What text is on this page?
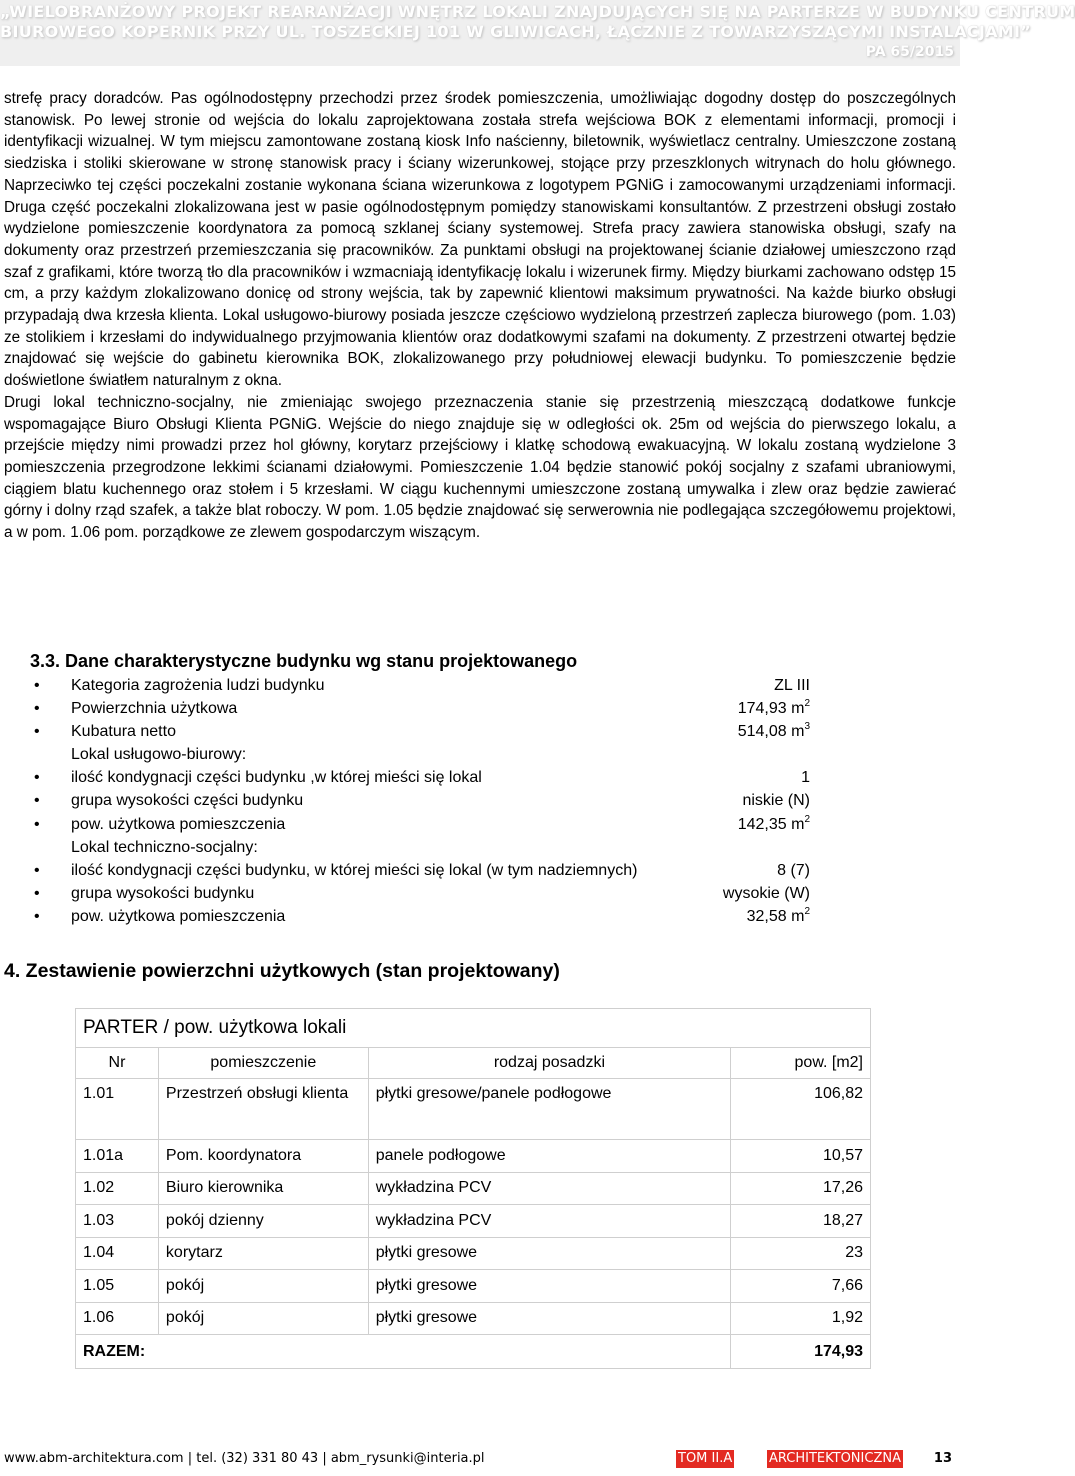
„WIELOBRANŻOWY PROJEKT REARANŻACJI WNĘTRZ LOKALI ZNAJDUJĄCYCH SIĘ NA PARTERZE W BUDYNKU CENTRUM
BIUROWEGO KOPERNIK PRZY UL. TOSZECKIEJ 101 W GLIWICACH, ŁĄCZNIE Z TOWARZYSZĄCYMI INSTALACJAMI”
PA 65/2015

strefę pracy doradców. Pas ogólnodostępny przechodzi przez środek pomieszczenia, umożliwiając dogodny dostęp do poszczególnych stanowisk. Po lewej stronie od wejścia do lokalu zaprojektowana została strefa wejściowa BOK z elementami informacji, promocji i identyfikacji wizualnej. W tym miejscu zamontowane zostaną kiosk Info naścienny, biletownik, wyświetlacz centralny. Umieszczone zostaną siedziska i stoliki skierowane w stronę stanowisk pracy i ściany wizerunkowej, stojące przy przeszklonych witrynach do holu głównego. Naprzeciwko tej części poczekalni zostanie wykonana ściana wizerunkowa z logotypem PGNiG i zamocowanymi urządzeniami informacji. Druga część poczekalni zlokalizowana jest w pasie ogólnodostępnym pomiędzy stanowiskami konsultantów. Z przestrzeni obsługi zostało wydzielone pomieszczenie koordynatora za pomocą szklanej ściany systemowej. Strefa pracy zawiera stanowiska obsługi, szafy na dokumenty oraz przestrzeń przemieszczania się pracowników. Za punktami obsługi na projektowanej ścianie działowej umieszczono rząd szaf z grafikami, które tworzą tło dla pracowników i wzmacniają identyfikację lokalu i wizerunek firmy. Między biurkami zachowano odstęp 15 cm, a przy każdym zlokalizowano donicę od strony wejścia, tak by zapewnić klientowi maksimum prywatności. Na każde biurko obsługi przypadają dwa krzesła klienta. Lokal usługowo-biurowy posiada jeszcze częściowo wydzieloną przestrzeń zaplecza biurowego (pom. 1.03) ze stolikiem i krzesłami do indywidualnego przyjmowania klientów oraz dodatkowymi szafami na dokumenty. Z przestrzeni otwartej będzie znajdować się wejście do gabinetu kierownika BOK, zlokalizowanego przy południowej elewacji budynku. To pomieszczenie będzie doświetlone światłem naturalnym z okna.

Drugi lokal techniczno-socjalny, nie zmieniając swojego przeznaczenia stanie się przestrzenią mieszczącą dodatkowe funkcje wspomagające Biuro Obsługi Klienta PGNiG. Wejście do niego znajduje się w odległości ok. 25m od wejścia do pierwszego lokalu, a przejście między nimi prowadzi przez hol główny, korytarz przejściowy i klatkę schodową ewakuacyjną. W lokalu zostaną wydzielone 3 pomieszczenia przegrodzone lekkimi ścianami działowymi. Pomieszczenie 1.04 będzie stanowić pokój socjalny z szafami ubraniowymi, ciągiem blatu kuchennego oraz stołem i 5 krzesłami. W ciągu kuchennymi umieszczone zostaną umywalka i zlew oraz będzie zawierać górny i dolny rząd szafek, a także blat roboczy. W pom. 1.05 będzie znajdować się serwerownia nie podlegająca szczegółowemu projektowi, a w pom. 1.06 pom. porządkowe ze zlewem gospodarczym wiszącym.

3.3. Dane charakterystyczne budynku wg stanu projektowanego
• Kategoria zagrożenia ludzi budynku	ZL III
• Powierzchnia użytkowa	174,93 $m^2$
• Kubatura netto	514,08 $m^3$
Lokal usługowo-biurowy:
• ilość kondygnacji części budynku ,w której mieści się lokal	1
• grupa wysokości części budynku	niskie (N)
• pow. użytkowa pomieszczenia	142,35 $m^2$
Lokal techniczno-socjalny:
• ilość kondygnacji części budynku, w której mieści się lokal (w tym nadziemnych)	8 (7)
• grupa wysokości budynku	wysokie (W)
• pow. użytkowa pomieszczenia	32,58 $m^2$
4. Zestawienie powierzchni użytkowych (stan projektowany)
PARTER / pow. użytkowa lokali			
Nr	pomieszczenie	rodzaj posadzki	pow. [m2]
1.01	Przestrzeń obsługi klienta	płytki gresowe/panele podłogowe	106,82
1.01a	Pom. koordynatora	panele podłogowe	10,57
1.02	Biuro kierownika	wykładzina PCV	17,26
1.03	pokój dzienny	wykładzina PCV	18,27
1.04	korytarz	płytki gresowe	23
1.05	pokój	płytki gresowe	7,66
1.06	pokój	płytki gresowe	1,92
RAZEM:			174,93
www.abm-architektura.com | tel. (32) 331 80 43 | abm_rysunki@interia.pl	TOM II.A	ARCHITEKTONICZNA	13
